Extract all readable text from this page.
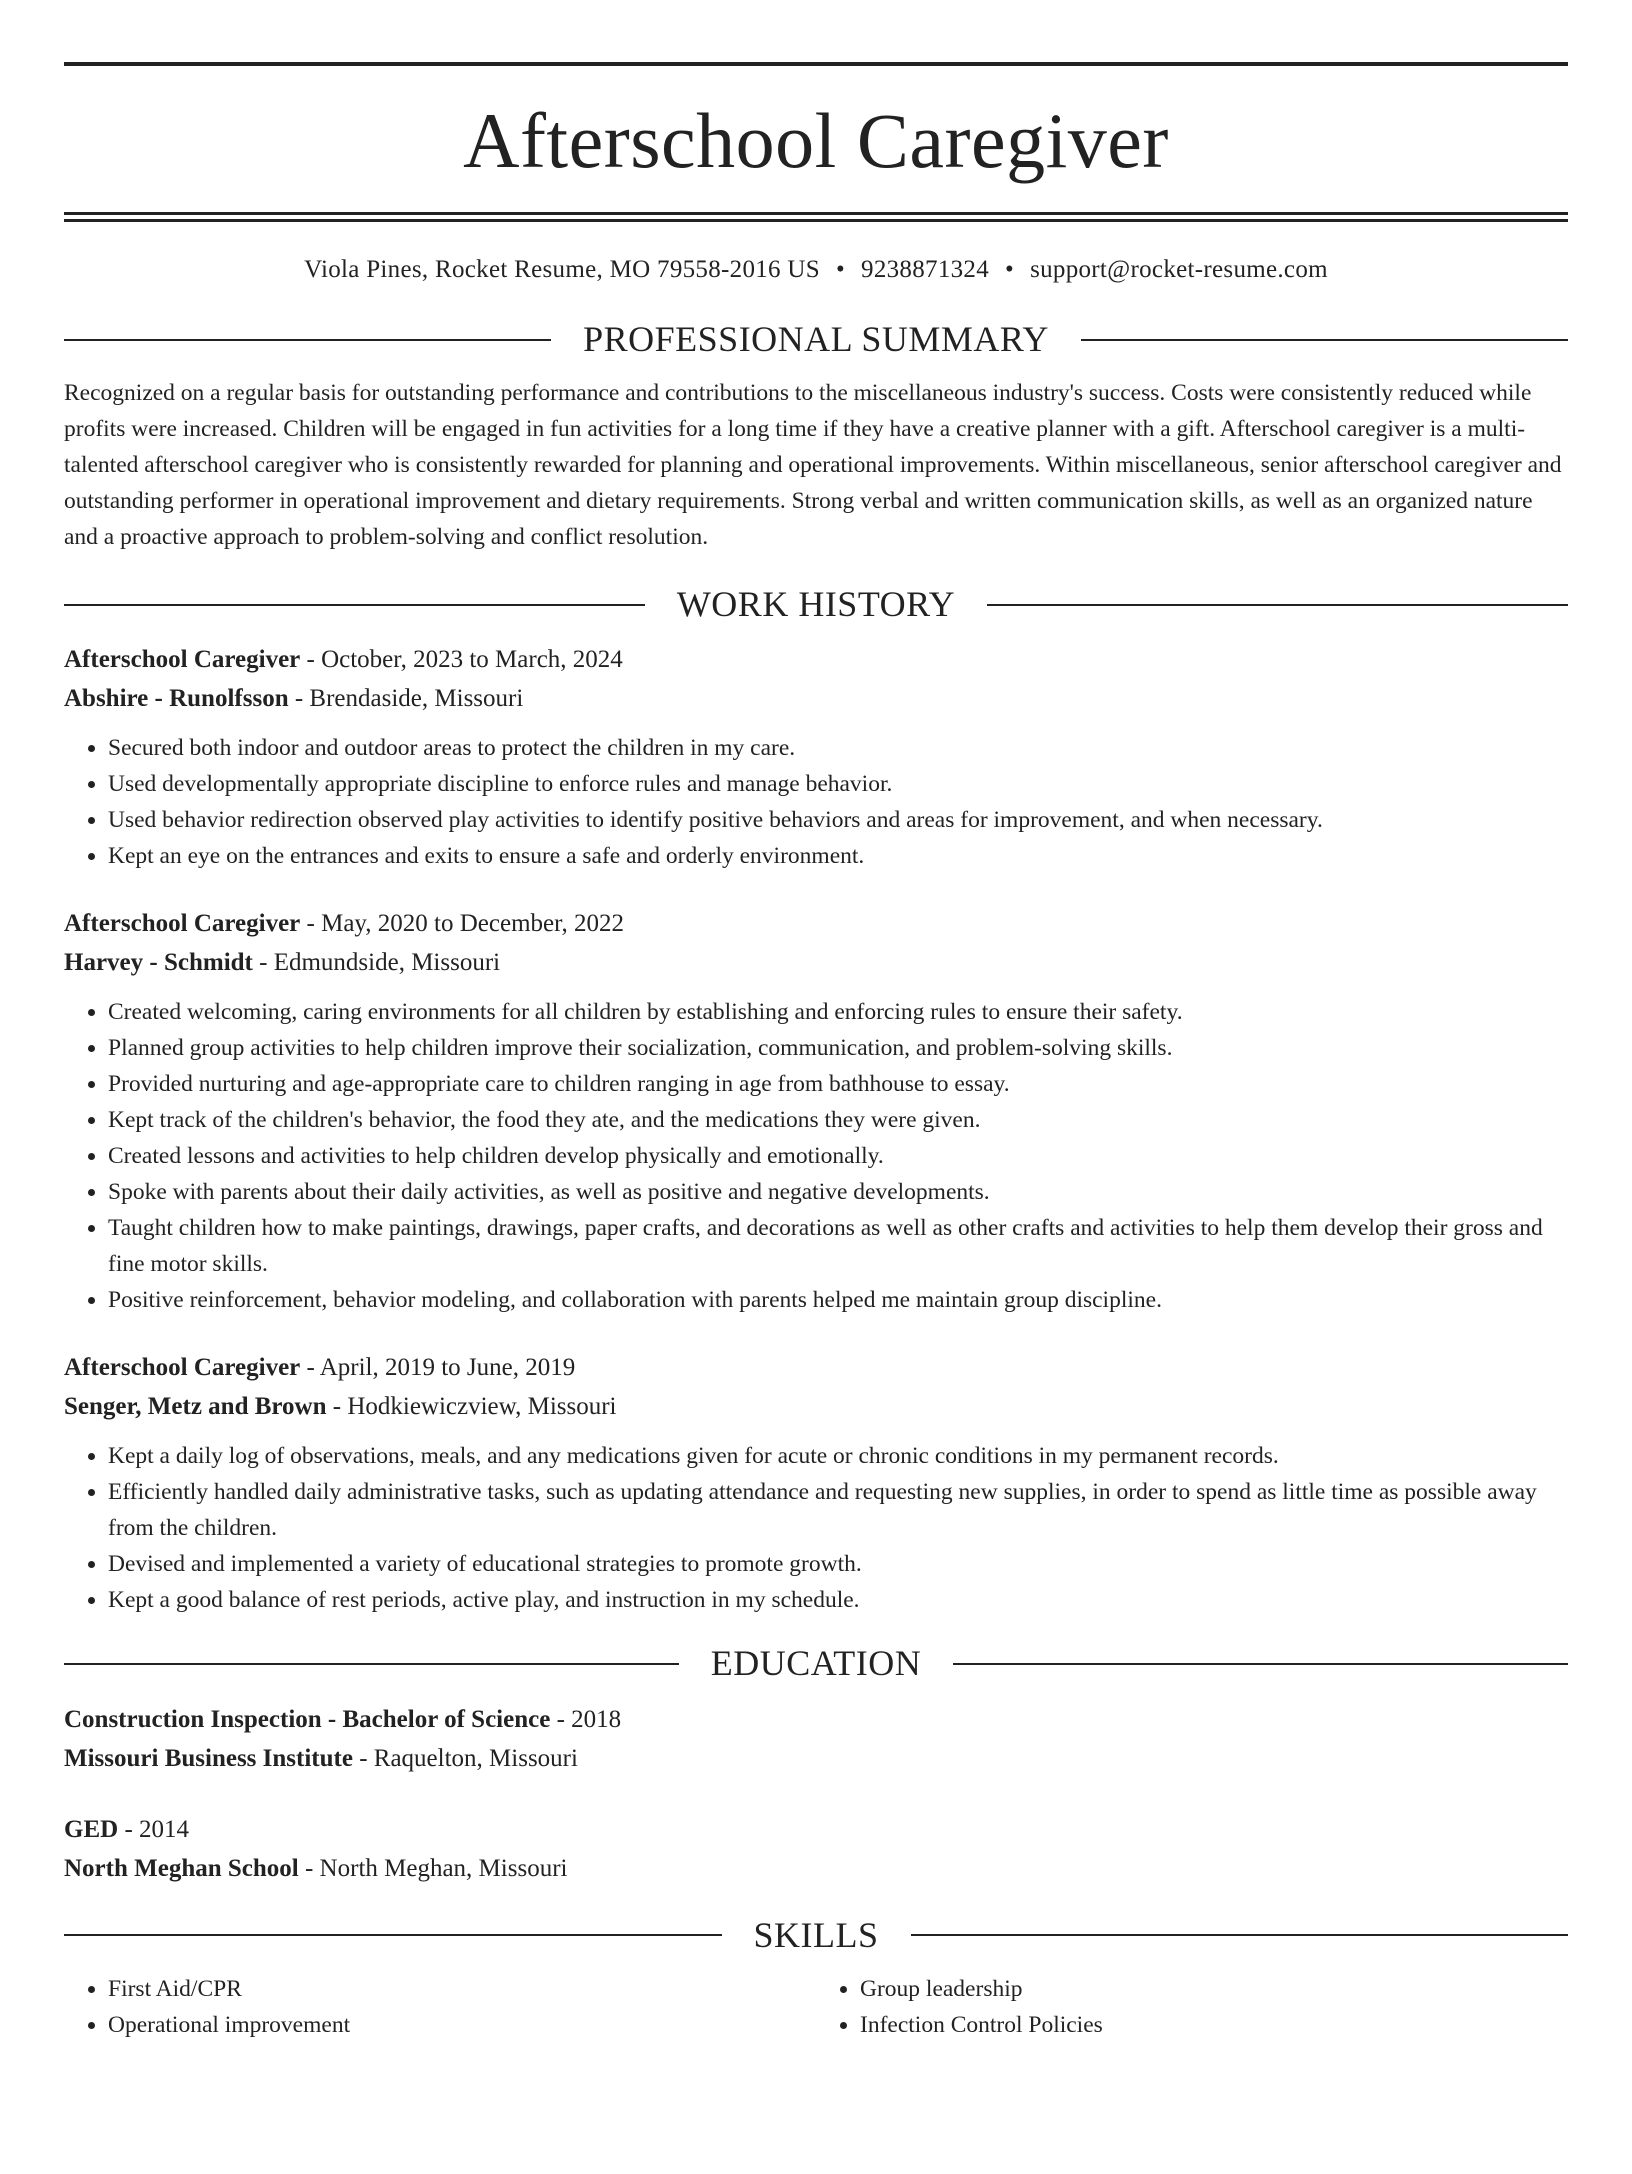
Afterschool Caregiver
Viola Pines, Rocket Resume, MO 79558-2016 US • 9238871324 • support@rocket-resume.com
PROFESSIONAL SUMMARY
Recognized on a regular basis for outstanding performance and contributions to the miscellaneous industry's success. Costs were consistently reduced while profits were increased. Children will be engaged in fun activities for a long time if they have a creative planner with a gift. Afterschool caregiver is a multi-talented afterschool caregiver who is consistently rewarded for planning and operational improvements. Within miscellaneous, senior afterschool caregiver and outstanding performer in operational improvement and dietary requirements. Strong verbal and written communication skills, as well as an organized nature and a proactive approach to problem-solving and conflict resolution.
WORK HISTORY
Afterschool Caregiver - October, 2023 to March, 2024
Abshire - Runolfsson - Brendaside, Missouri
• Secured both indoor and outdoor areas to protect the children in my care.
• Used developmentally appropriate discipline to enforce rules and manage behavior.
• Used behavior redirection observed play activities to identify positive behaviors and areas for improvement, and when necessary.
• Kept an eye on the entrances and exits to ensure a safe and orderly environment.
Afterschool Caregiver - May, 2020 to December, 2022
Harvey - Schmidt - Edmundside, Missouri
• Created welcoming, caring environments for all children by establishing and enforcing rules to ensure their safety.
• Planned group activities to help children improve their socialization, communication, and problem-solving skills.
• Provided nurturing and age-appropriate care to children ranging in age from bathhouse to essay.
• Kept track of the children's behavior, the food they ate, and the medications they were given.
• Created lessons and activities to help children develop physically and emotionally.
• Spoke with parents about their daily activities, as well as positive and negative developments.
• Taught children how to make paintings, drawings, paper crafts, and decorations as well as other crafts and activities to help them develop their gross and fine motor skills.
• Positive reinforcement, behavior modeling, and collaboration with parents helped me maintain group discipline.
Afterschool Caregiver - April, 2019 to June, 2019
Senger, Metz and Brown - Hodkiewiczview, Missouri
• Kept a daily log of observations, meals, and any medications given for acute or chronic conditions in my permanent records.
• Efficiently handled daily administrative tasks, such as updating attendance and requesting new supplies, in order to spend as little time as possible away from the children.
• Devised and implemented a variety of educational strategies to promote growth.
• Kept a good balance of rest periods, active play, and instruction in my schedule.
EDUCATION
Construction Inspection - Bachelor of Science - 2018
Missouri Business Institute - Raquelton, Missouri
GED - 2014
North Meghan School - North Meghan, Missouri
SKILLS
• First Aid/CPR
• Operational improvement
• Group leadership
• Infection Control Policies
